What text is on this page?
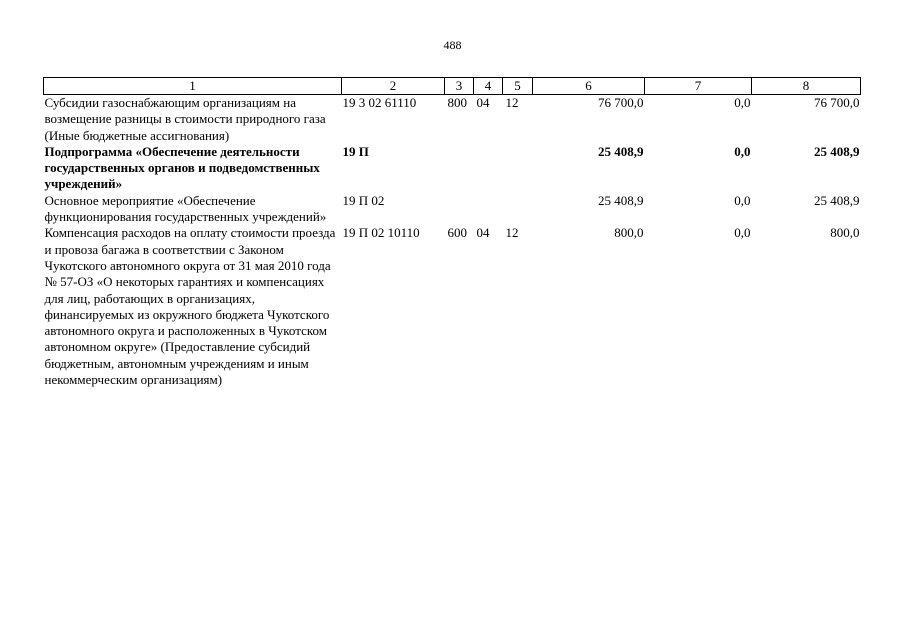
488
1	2	3	4	5	6	7	8
Субсидии газоснабжающим организациям на возмещение разницы в стоимости природного газа (Иные бюджетные ассигнования)	19 3 02 61110	800	04	12	76 700,0	0,0	76 700,0
Подпрограмма «Обеспечение деятельности государственных органов и подведомственных учреждений»	19 П				25 408,9	0,0	25 408,9
Основное мероприятие «Обеспечение функционирования государственных учреждений»	19 П 02				25 408,9	0,0	25 408,9
Компенсация расходов на оплату стоимости проезда и провоза багажа в соответствии с Законом Чукотского автономного округа от 31 мая 2010 года № 57-ОЗ «О некоторых гарантиях и компенсациях для лиц, работающих в организациях, финансируемых из окружного бюджета Чукотского автономного округа и расположенных в Чукотском автономном округе» (Предоставление субсидий бюджетным, автономным учреждениям и иным некоммерческим организациям)	19 П 02 10110	600	04	12	800,0	0,0	800,0
